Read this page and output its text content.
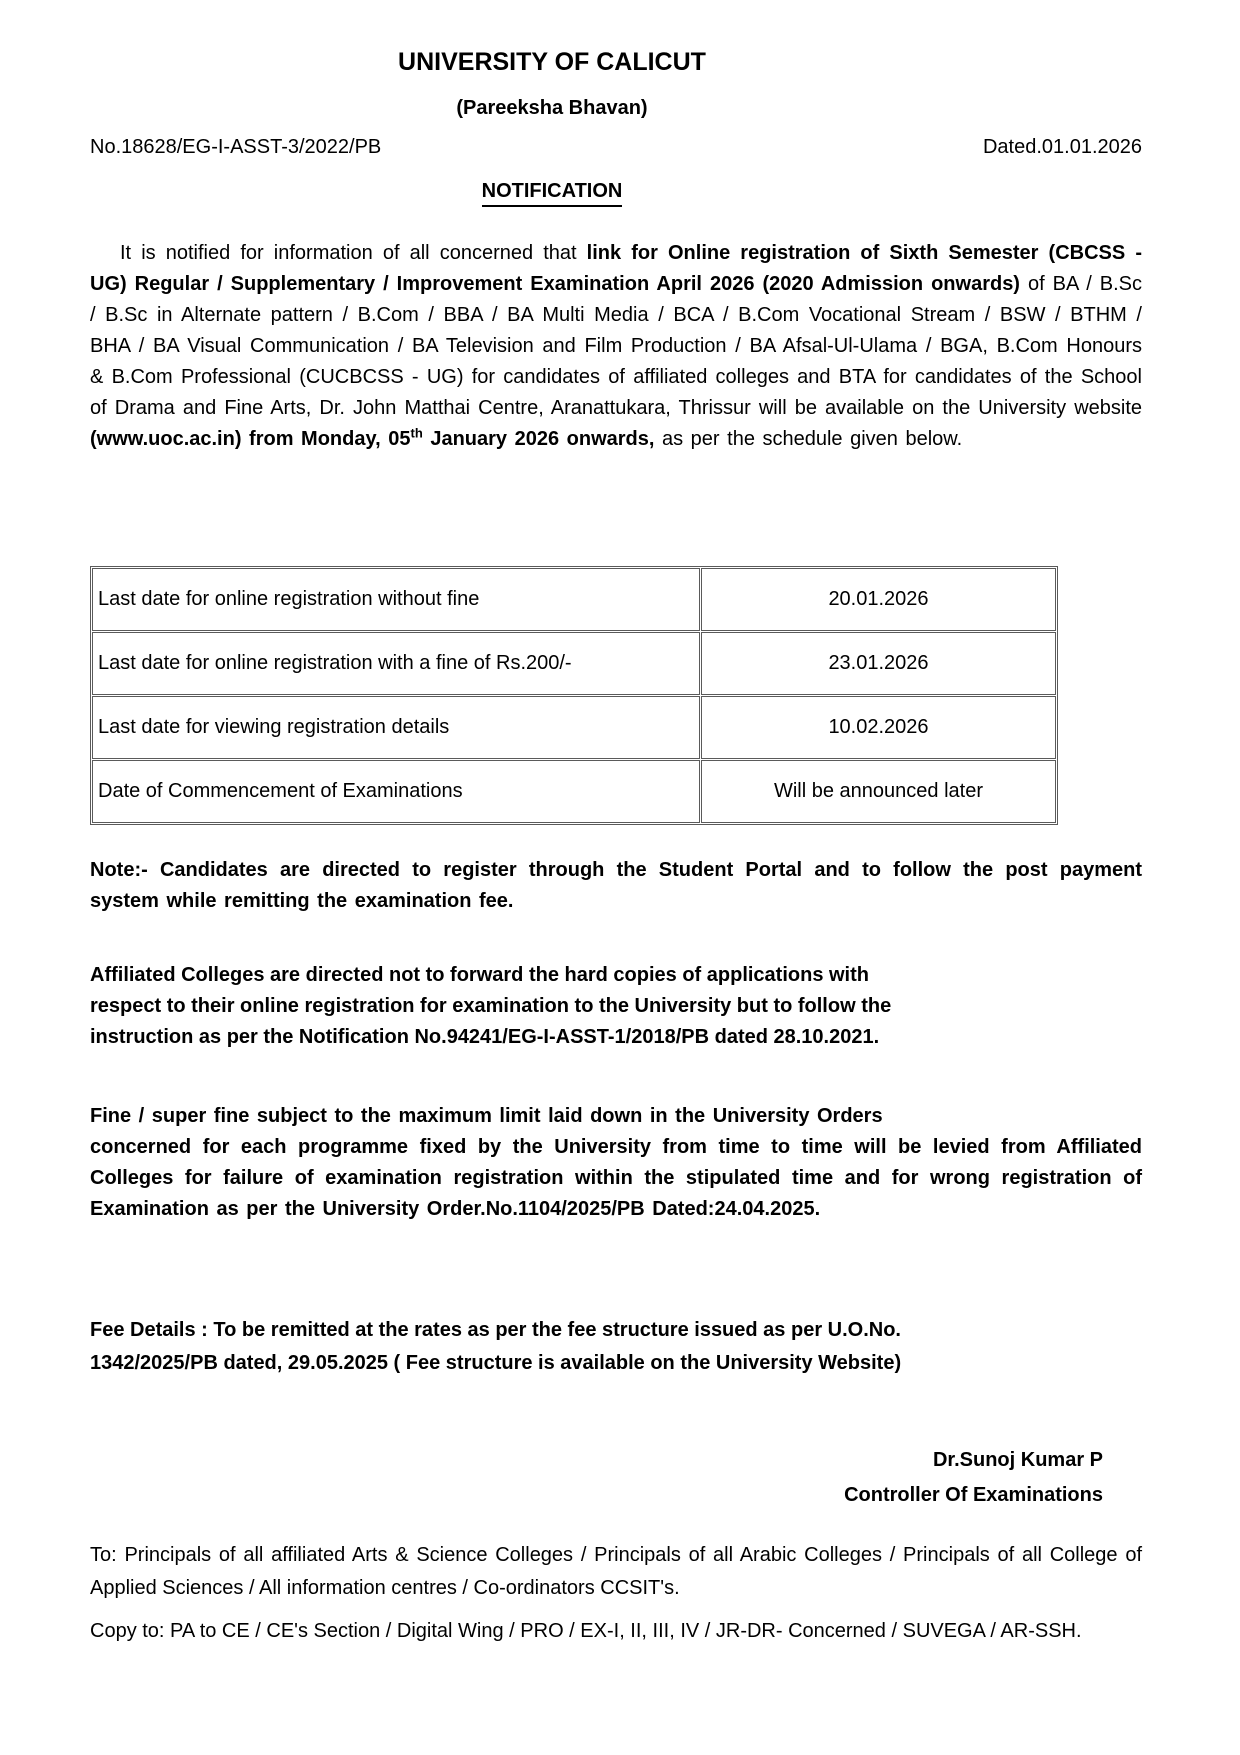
UNIVERSITY OF CALICUT
(Pareeksha Bhavan)
No.18628/EG-I-ASST-3/2022/PB	Dated.01.01.2026
NOTIFICATION

It is notified for information of all concerned that link for Online registration of Sixth Semester (CBCSS - UG) Regular / Supplementary / Improvement Examination April 2026 (2020 Admission onwards) of BA / B.Sc / B.Sc in Alternate pattern / B.Com / BBA / BA Multi Media / BCA / B.Com Vocational Stream / BSW / BTHM / BHA / BA Visual Communication / BA Television and Film Production / BA Afsal-Ul-Ulama / BGA, B.Com Honours & B.Com Professional (CUCBCSS - UG) for candidates of affiliated colleges and BTA for candidates of the School of Drama and Fine Arts, Dr. John Matthai Centre, Aranattukara, Thrissur will be available on the University website (www.uoc.ac.in) from Monday, 05th January 2026 onwards, as per the schedule given below.

Last date for online registration without fine	20.01.2026
Last date for online registration with a fine of Rs.200/-	23.01.2026
Last date for viewing registration details	10.02.2026
Date of Commencement of Examinations	Will be announced later

Note:- Candidates are directed to register through the Student Portal and to follow the post payment system while remitting the examination fee.

Affiliated Colleges are directed not to forward the hard copies of applications with
respect to their online registration for examination to the University but to follow the
instruction as per the Notification No.94241/EG-I-ASST-1/2018/PB dated 28.10.2021.

Fine / super fine subject to the maximum limit laid down in the University Orders
concerned for each programme fixed by the University from time to time will be levied from Affiliated Colleges for failure of examination registration within the stipulated time and for wrong registration of Examination as per the University Order.No.1104/2025/PB Dated:24.04.2025.

Fee Details : To be remitted at the rates as per the fee structure issued as per U.O.No.
1342/2025/PB dated, 29.05.2025 ( Fee structure is available on the University Website)

Dr.Sunoj Kumar P
Controller Of Examinations

To: Principals of all affiliated Arts & Science Colleges / Principals of all Arabic Colleges / Principals of all College of Applied Sciences / All information centres / Co-ordinators CCSIT's.

Copy to: PA to CE / CE's Section / Digital Wing / PRO / EX-I, II, III, IV / JR-DR- Concerned / SUVEGA / AR-SSH.
